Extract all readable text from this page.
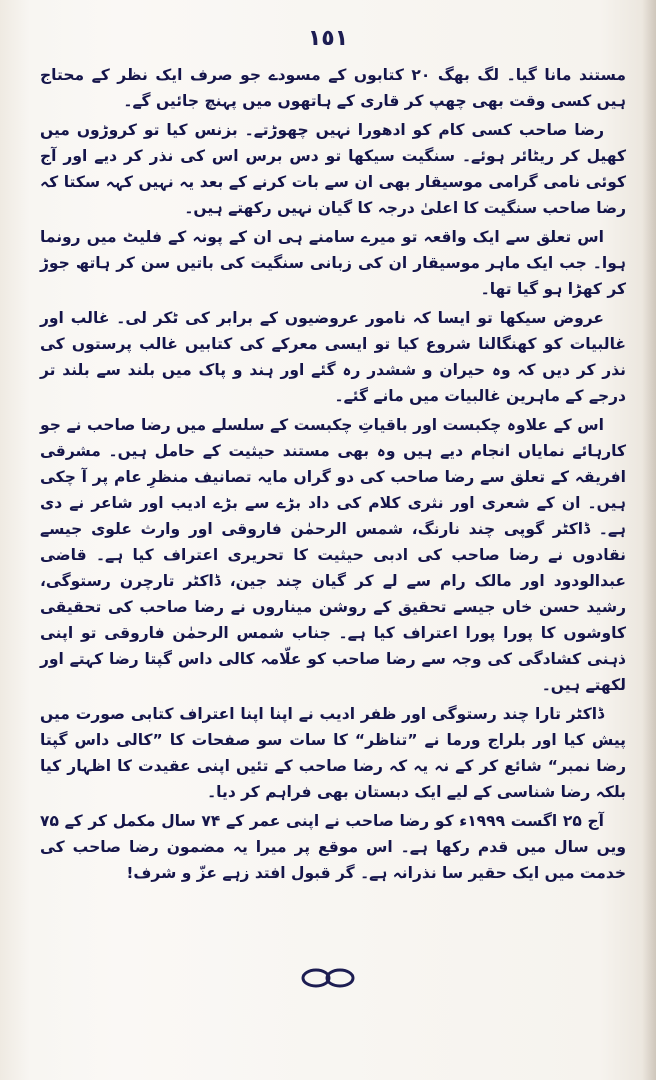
١٥١

مستند مانا گیا۔ لگ بھگ ۲۰ کتابوں کے مسودے جو صرف ایک نظر کے محتاج ہیں کسی وقت بھی چھپ کر قاری کے ہاتھوں میں پہنچ جائیں گے۔

رضا صاحب کسی کام کو ادھورا نہیں چھوڑتے۔ بزنس کیا تو کروڑوں میں کھیل کر ریٹائر ہوئے۔ سنگیت سیکھا تو دس برس اس کی نذر کر دیے اور آج کوئی نامی گرامی موسیقار بھی ان سے بات کرنے کے بعد یہ نہیں کہہ سکتا کہ رضا صاحب سنگیت کا اعلیٰ درجہ کا گیان نہیں رکھتے ہیں۔

اس تعلق سے ایک واقعہ تو میرے سامنے ہی ان کے پونہ کے فلیٹ میں رونما ہوا۔ جب ایک ماہر موسیقار ان کی زبانی سنگیت کی باتیں سن کر ہاتھ جوڑ کر کھڑا ہو گیا تھا۔

عروض سیکھا تو ایسا کہ نامور عروضیوں کے برابر کی ٹکر لی۔ غالب اور غالبیات کو کھنگالنا شروع کیا تو ایسی معرکے کی کتابیں غالب پرستوں کی نذر کر دیں کہ وہ حیران و ششدر رہ گئے اور ہند و پاک میں بلند سے بلند تر درجے کے ماہرین غالبیات میں مانے گئے۔

اس کے علاوہ چکبست اور باقیاتِ چکبست کے سلسلے میں رضا صاحب نے جو کارہائے نمایاں انجام دیے ہیں وہ بھی مستند حیثیت کے حامل ہیں۔ مشرقی افریقہ کے تعلق سے رضا صاحب کی دو گراں مایہ تصانیف منظرِ عام پر آ چکی ہیں۔ ان کے شعری اور نثری کلام کی داد بڑے سے بڑے ادیب اور شاعر نے دی ہے۔ ڈاکٹر گوپی چند نارنگ، شمس الرحمٰن فاروقی اور وارث علوی جیسے نقادوں نے رضا صاحب کی ادبی حیثیت کا تحریری اعتراف کیا ہے۔ قاضی عبدالودود اور مالک رام سے لے کر گیان چند جین، ڈاکٹر تارچرن رستوگی، رشید حسن خاں جیسے تحقیق کے روشن میناروں نے رضا صاحب کی تحقیقی کاوشوں کا پورا پورا اعتراف کیا ہے۔ جناب شمس الرحمٰن فاروقی تو اپنی ذہنی کشادگی کی وجہ سے رضا صاحب کو علّامہ کالی داس گپتا رضا کہتے اور لکھتے ہیں۔

ڈاکٹر تارا چند رستوگی اور ظفر ادیب نے اپنا اپنا اعتراف کتابی صورت میں پیش کیا اور بلراج ورما نے ”تناظر“ کا سات سو صفحات کا ”کالی داس گپتا رضا نمبر“ شائع کر کے نہ یہ کہ رضا صاحب کے تئیں اپنی عقیدت کا اظہار کیا بلکہ رضا شناسی کے لیے ایک دبستان بھی فراہم کر دیا۔

آج ۲۵ اگست ۱۹۹۹ء کو رضا صاحب نے اپنی عمر کے ۷۴ سال مکمل کر کے ۷۵ ویں سال میں قدم رکھا ہے۔ اس موقع پر میرا یہ مضمون رضا صاحب کی خدمت میں ایک حقیر سا نذرانہ ہے۔ گر قبول افتد زہے عزّ و شرف!
